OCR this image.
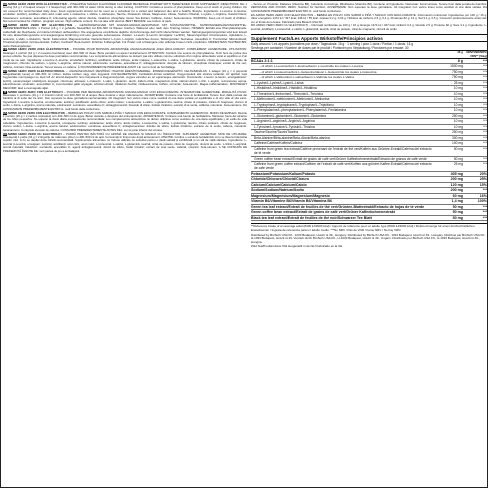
GBAMINO HERO ZERO WITH ELECTROLYTES – PINEAPPLE MANGO FLAVOURED FLAVORED BEVERAGE POWDER WITH SWEETENER FOOD SUPPLEMENT. DIRECTIONS: Mix 1 serving (16 g = 2 heaped scoops = 1 heaped tsp) with 400–500 ml water. Drink during or after training. CAUTION: Contains a source of phenylalanine. Keep out of reach of young children. Do not exceed the recommended daily dose. Food supplements should not be used as a substitute for a varied and balanced diet and a healthy lifestyle. Ingredients: L-Leucine (L-leucine, emulsifier: lecithin), acidifiers: citric acid, malic acid; L-Isoleucine, L-Valine, L-Glutamine, Taurine, Potassium Citrate, Magnesium Citrate, Sodium Chloride, L-Lysine, L-Arginine, Natural Flavor, Sweeteners: sucralose, acesulfame K; Anti-caking agents: silicon dioxide, tricalcium phosphate; Green Tea Extract, Caffeine, Colour: beta-carotene. WARNING: Keep out of reach of children. Not recommended for children, pregnant women. High caffeine content. Do not take with alcohol. BEST BEFORE: see bottom of pack.

DEAMINO HERO ZERO MIT ELEKTROLYTEN – GETRÄNKEPULVER MIT ANANAS-MANGO-GESCHMACK MIT SÜSSUNGSMITTEL. NAHRUNGSERGÄNZUNGSMITTEL. VERZEHREMPFEHLUNG: 1 Portion (16 g = 2 gehäufte Messlöffel) mit 400–500 ml Wasser mischen. Während oder nach dem Training trinken. HINWEIS: Enthält eine Phenylalaninquelle. Außerhalb der Reichweite von kleinen Kindern aufbewahren. Die angegebene empfohlene tägliche Verzehrsmenge darf nicht überschritten werden. Nahrungsergänzungsmittel sind kein Ersatz für eine abwechslungsreiche und ausgewogene Ernährung und eine gesunde Lebensweise. Zutaten: L-Leucin (L-Leucin, Emulgator: Lecithin), Säuerungsmittel: Citronensäure, Äpfelsäure; L-Isoleucin, L-Valin, L-Glutamin, Taurin, Kaliumcitrat, Magnesiumcitrat, Natriumchlorid, L-Lysin, L-Arginin, natürliches Aroma, Süßungsmittel: Sucralose, Acesulfam K; Trennmittel: Siliciumdioxid, Tricalciumphosphat; Grüntee-Extrakt, Koffein, Farbstoff: Beta-Carotin. Erhöhter Koffeingehalt. Für Kinder und schwangere oder stillende Frauen nicht empfohlen. MINDESTENS HALTBAR BIS: siehe Packungsboden.

FRAMINO HERO ZERO AVEC ÉLECTROLYTES – POUDRE POUR BOISSON AROMATISÉE ANANAS-MANGUE AVEC ÉDULCORANT. COMPLÉMENT ALIMENTAIRE. UTILISATION: Mélanger 1 portion (16 g = 2 mesures bombées) avec 400–500 ml d'eau. Boire pendant ou après l'entraînement. ATTENTION: Contient une source de phénylalanine. Tenir hors de portée des jeunes enfants. Ne pas dépasser la dose journalière recommandée. Les compléments alimentaires ne doivent pas être utilisés comme substituts d'un régime alimentaire varié et équilibré et d'un mode de vie sain. Ingrédients: L-leucine (L-leucine, émulsifiant: lécithine), acidifiants: acide citrique, acide malique; L-isoleucine, L-valine, L-glutamine, taurine, citrate de potassium, citrate de magnésium, chlorure de sodium, L-lysine, L-arginine, arôme naturel, édulcorants: sucralose, acésulfame K; antiagglomérants: dioxyde de silicium, phosphate tricalcique; extrait de thé vert, caféine, colorant: bêta-carotène. Teneur élevée en caféine. À DCONSOMMER DE PRÉFÉRENCE AVANT LE: voir le fond de l'emballage.

HUAMINO HERO ZERO ELEKTROLITOKKAL – ANANÁSZ-MANGÓ ÍZESÍTÉSŰ ITALPOR ÉDESÍTŐSZERREL. ÉTREND-KIEGÉSZÍTŐ. FELHASZNÁLÁS: 1 adagot (16 g = 2 púpozott adagolókanál) keverj el 400–500 ml vízben. Edzés közben vagy után fogyaszd. FIGYELMEZTETÉS: Fenilalanin-forrást tartalmaz. Kisgyermekek elől elzárva tartandó. Az ajánlott napi fogyasztási mennyiséget ne lépd túl! Az étrend-kiegészítő nem helyettesíti a kiegyensúlyozott, vegyes étrendet és az egészséges életmódot. Összetevők: L-leucin (L-leucin, emulgeálószer: lecitin), savanyúságot szabályozó anyagok: citromsav, almasav; L-izoleucin, L-valin, L-glutamin, taurin, kálium-citrát, magnézium-citrát, nátrium-klorid, L-lizin, L-arginin, természetes aroma, édesítőszerek: szukralóz, aceszulfám K; csomósodást gátló anyagok: szilícium-dioxid, trikalcium-foszfát; zöldtea-kivonat, koffein, színezék: béta-karotin. Magas koffeintartalom. MINŐSÉGÉT MEGŐRZI: lásd a csomagolás alján.

ITAMINO HERO ZERO CON ELETTROLITI – POLVERE PER BEVANDA AROMATIZZATA ANANAS-MANGO CON EDULCORANTE. INTEGRATORE ALIMENTARE. MODALITÀ D'USO: Mescolare 1 porzione (16 g = 2 misurini colmi) con 400–500 ml di acqua. Bere durante o dopo l'allenamento. AVVERTENZE: Contiene una fonte di fenilalanina. Tenere fuori dalla portata dei bambini al di sotto dei tre anni. Non superare la dose giornaliera raccomandata. Gli integratori non vanno intesi come sostituti di una dieta variata ed equilibrata e di uno stile di vita sano. Ingredienti: L-leucina (L-leucina, emulsionante: lecitina), acidificanti: acido citrico, acido malico; L-isoleucina, L-valina, L-glutammina, taurina, citrato di potassio, citrato di magnesio, cloruro di sodio, L-lisina, L-arginina, aroma naturale, edulcoranti: sucralosio, acesulfame K; antiagglomeranti: biossido di silicio, fosfato tricalcico; estratto di tè verde, caffeina, colorante: beta-carotene. DA CONSUMARSI PREFERIBILMENTE ENTRO IL: vedi fondo della confezione.

ESAMINO HERO ZERO CON ELECTROLITOS – BEBIDA EN POLVO CON SABOR A PIÑA Y MANGO CON EDULCORANTE. COMPLEMENTO ALIMENTICIO. MODO DE EMPLEO: Mezcle 1 porción (16 g = 2 cacitos colmados) con 400–500 ml de agua. Beber durante o después del entrenamiento. ADVERTENCIA: Contiene una fuente de fenilalanina. Mantener fuera del alcance de los niños pequeños. No superar la dosis diaria expresamente recomendada. Los complementos alimenticios no deben utilizarse como sustituto de una dieta equilibrada y un estilo de vida saludable. Ingredientes: L-leucina (L-leucina, emulgente: lecitina), acidulantes: ácido cítrico, ácido málico; L-isoleucina, L-valina, L-glutamina, taurina, citrato potásico, citrato de magnesio, cloruro sódico, L-lisina, L-arginina, aroma natural, edulcorantes: sucralosa, acesulfamo K; antiaglomerantes: dióxido de silicio, fosfato tricálcico; extracto de té verde, cafeína, colorante: betacaroteno. Contenido elevado de cafeína. CONSUMIR PREFERENTEMENTE ANTES DEL: ver la parte inferior del envase.

ROAMINO HERO ZERO CU ELECTROLIȚI – PUDRĂ PENTRU BĂUTURĂ CU AROMĂ DE ANANAS ȘI MANGO CU ÎNDULCITOR. SUPLIMENT ALIMENTAR. MOD DE UTILIZARE: Amestecați 1 porție (16 g = 2 lingurițe de măsurare pline) cu 400–500 ml de apă. Consumați în timpul sau după antrenament. ATENȚIE: Conține o sursă de fenilalanină. A nu se lăsa la îndemâna copiilor mici. A nu se depăși doza zilnică recomandată. Suplimentele alimentare nu trebuie utilizate ca substitut pentru o dietă variată și echilibrată și un stil de viață sănătos. Ingrediente: L-leucină (L-leucină, emulgator: lecitină), acidifianți: acid citric, acid malic; L-izoleucină, L-valină, L-glutamină, taurină, citrat de potasiu, citrat de magneziu, clorură de sodiu, L-lizină, L-arginină, aromă naturală, îndulcitori: sucraloză, acesulfam K; agenți antiaglomeranți: dioxid de siliciu, fosfat tricalcic; extract de ceai verde, cafeină, colorant: beta-caroten. A SE CONSUMA DE PREFERINȚĂ ÎNAINTE DE: vezi partea de jos a ambalajului.

– Senza +2. Prodotto: Diabetes (Vitamine B6), Colorante Cumaringa, Riboflavina (Vitamine B2). Contiene un'ingrediente: Nazionale: Kommunicare. Tenere fuori dalla portata dei bambini. ZEROJUICE AND FOODS. ZERO: Nutrition for Nutrition. AVVERTENZE: Non superare la dose giornaliera. Gli integratori non vanno intesi come sostituti di una dieta variata. DA CONSUMARSI PREFERIBILMENTE ENTRO IL: vedi fondo confezione.

ES AMINO HERO ZERO CON ELECTROLITOS – BEBIDA EN POLVO CON SABOR A PIÑA Y MANGO CON EDULCORANTE. Información nutricional: Ingredientes por 100 g / 16 g. Valor energético 1474 kJ / 347 kcal; 236 kJ / 55 kcal. Grasas 0,2 g; 0,03 g. Hidratos de carbono 2,5 g; 0,4 g. Proteínas 82 g; 13 g. Sal 3,1 g; 0,5 g. Consumir preferentemente antes del: ver el fondo del envase. Fabricado para Biotech USA Kft.

RO AMINO HERO ZERO CU ELECTROLIȚI – Informații nutriționale pe 100 g / 16 g: Energie 1474 kJ / 347 kcal; Grăsimi 0,2 g; Glucide 2,5 g; Proteine 82 g; Sare 3,1 g. Ingrediente: L-leucină, acidifianți, L-izoleucină, L-valină, L-glutamină, taurină, citrat de potasiu, citrat de magneziu, clorură de sodiu.

Supplement Facts/Les Apports Wirkstoffe/Principios activos
Daily amount / Les apports journaliers par dose / Tagesdosis: 16 g · 1 serving / pour 1 dose / Portion / 1 dosis: 16 g
Servings per container / Nombre de doses par le produit / Portionen pro Verpackung / Porciones por envase: 30
16 g	NRV/VNR/NRV/ VRN** [%kg]
BCAAs 2:1:1	8 g	***
– of which L-Leucine/dont L-leucine/davon L-Leucin/de los cuales L-Leucina	1500 mg	***
– of which L-Isoleucine/dont L-Isoleucine/davon L-Isoleucin/de los cuales L-Isoleucina	750 mg	***
– of which L-Valine/dont L-valine/davon L-Valin/de los cuales L-Valina	750 mg	***
L-Lysine/L-Lysine/L-Lysin/L-Lisina	25 mg	***
L-Histidine/L-histidine/L-Histidin/L-Histidina	10 mg	***
L-Threonine/L-thréonine/L-Threonin/L-Treonina	10 mg	***
L-Methionine/L-méthionine/L-Methionin/L-Metionina	10 mg	***
L-Tryptophan/L-tryptophane/L-Tryptophan/L-Triptófano	10 mg	***
L-Phenylalanine/L-phénylalanine/L-Phenylalanin/L-Fenilalanina	10 mg	***
L-Glutamine/L-glutamine/L-Glutamin/L-Glutamina	250 mg	***
L-Arginine/L-arginine/L-Arginin/L-Arginina	10 mg	***
L-Tyrosine/L-tyrosine/L-Tyrosin/L-Tirosina	10 mg	***
Taurine/Taurine/Taurin/Taurina	250 mg	***
Beta-Alanine/Bêta-alanine/Beta-Alanin/Beta-alanina	300 mg	***
Caffeine/Caféine/Koffein/Cafeína	100 mg	***
Caffeine from green tea extract/Caféine provenant de l'extrait de thé vert/Koffein aus Grüntee-Extrakt/Cafeína del extracto de té verde
50 mg	***
Green coffee bean extract/Extrait de grains de café vert/Grüner Kaffeebohnenextrakt/Extracto de granos de café verde	50 mg	***
Caffeine from green coffee extract/Caféine de l'extrait de café vert/Koffein aus grünem Kaffee-Extrakt/Cafeína del extracto de café verde
25 mg	***
Potassium/Potassium/Kalium/Potasio	405 mg	20%
Chloride/Chlorure/Chlorid/Cloruro	200 mg	25%
Calcium/Calcium/Calcium/Calcio	120 mg	15%
Sodium/Sodium/Natrium/Sodio	200 mg	***
Magnesium/Magnésium/Magnesium/Magnesio	60 mg	16%
Vitamin B6/Vitamine B6/Vitamin B6/Vitamina B6	1,4 mg	100%
Green tea leaf extract/Extrait de feuilles de thé vert/Grüntee-Blattextrakt/Extracto de hojas de té verde	50 mg	***
Green coffee bean extract/Extrait de grains de café vert/Grüner Kaffeebohnenextrakt	50 mg	***
Black tea leaf extract/Extrait de feuilles de thé noir/Schwarzer Tee Blatt	50 mg	***

**Reference intake of an average adult (8400 kJ/2000 kcal) / Apports de référence pour un adulte type (8400 kJ/2000 kcal) / Referenzmenge für einen durchschnittlichen Erwachsenen / Ingesta de referencia para un adulto medio. ***No NRV / Pas de VNR / Keine NRV / No hay VRN.

Distributed by BioTech USA Kft., 1033 Budapest, Huszti út 49., Hungary. Distributed by BioTech USA Kft., 1033 Budapest, Huszti út 49., Hungary. Distribué par BioTech USA Kft., H-1033 Budapest, Huszti út 49. Vertrieb durch BioTech USA Kft., H-1033 Budapest, Huszti út 49., Ungarn. Distribuido por BioTech USA Kft., H-1033 Budapest, Huszti út 49., Hungría.

Zöld Tea/Produkt dans l'UE Hergestellt in der EU Fabricado en la UE
